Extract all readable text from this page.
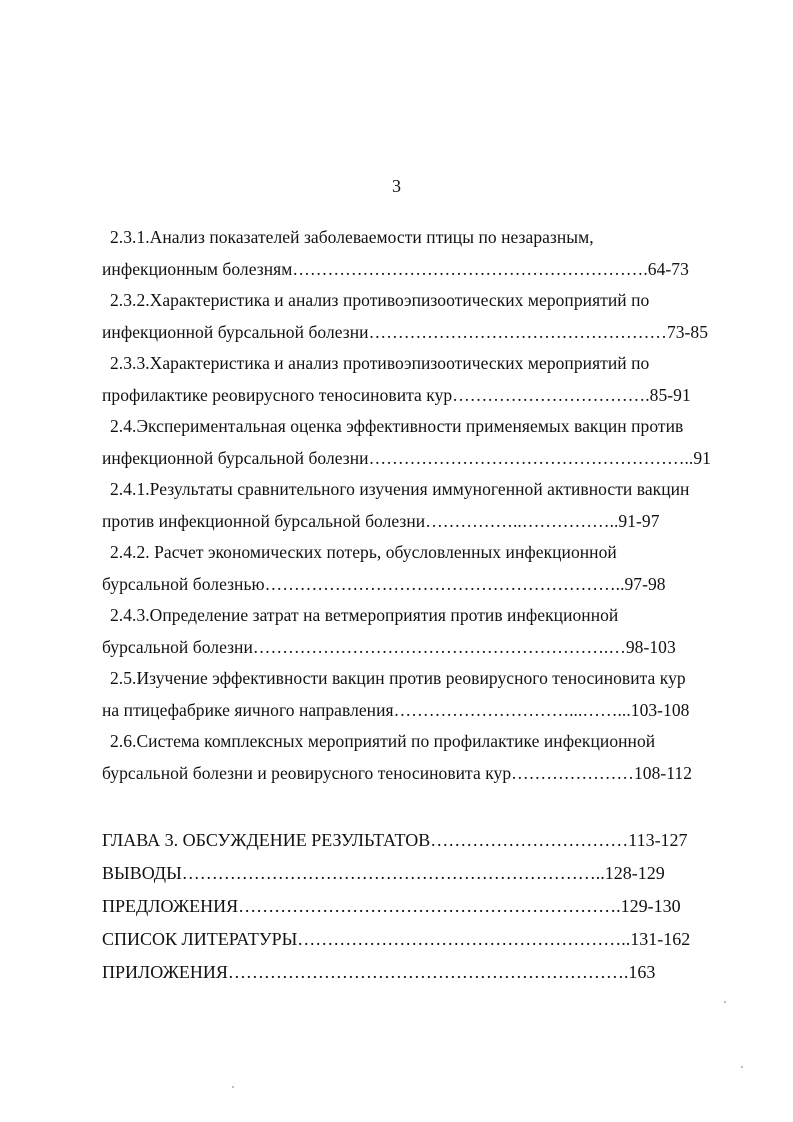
3
2.3.1.Анализ показателей заболеваемости птицы по незаразным,
инфекционным болезням…………………………………………………….64-73
2.3.2.Характеристика и анализ противоэпизоотических мероприятий по
инфекционной бурсальной болезни……………………………………………73-85
2.3.3.Характеристика и анализ противоэпизоотических мероприятий по
профилактике реовирусного теносиновита кур…………………………….85-91
2.4.Экспериментальная оценка эффективности применяемых вакцин против
инфекционной бурсальной болезни………………………………………………..91
2.4.1.Результаты сравнительного изучения иммуногенной активности вакцин
против инфекционной бурсальной болезни……………..……………..91-97
2.4.2. Расчет экономических потерь, обусловленных инфекционной
бурсальной болезнью……………………………………………………..97-98
2.4.3.Определение затрат на ветмероприятия против инфекционной
бурсальной болезни…………………………………………………….…98-103
2.5.Изучение эффективности вакцин против реовирусного теносиновита кур
на птицефабрике яичного направления…………………………...……...103-108
2.6.Система комплексных мероприятий по профилактике инфекционной
бурсальной болезни и реовирусного теносиновита кур…………………108-112
ГЛАВА 3. ОБСУЖДЕНИЕ РЕЗУЛЬТАТОВ……………………………113-127
ВЫВОДЫ……………………………………………………………..128-129
ПРЕДЛОЖЕНИЯ……………………………………………………….129-130
СПИСОК ЛИТЕРАТУРЫ………………………………………………..131-162
ПРИЛОЖЕНИЯ………………………………………………………….163
